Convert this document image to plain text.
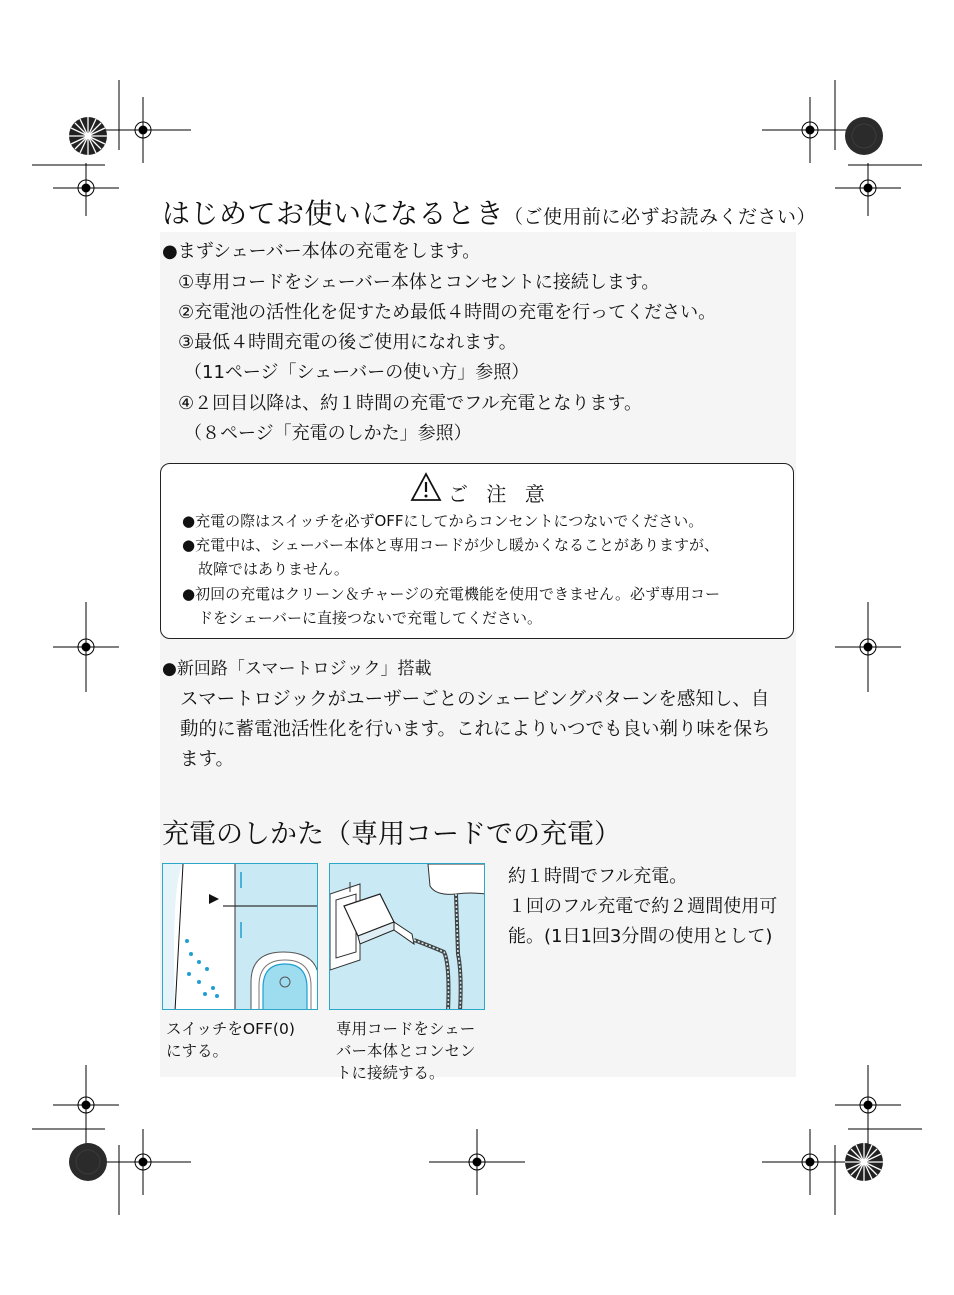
はじめてお使いになるとき（ご使用前に必ずお読みください）
●まずシェーバー本体の充電をします。
①専用コードをシェーバー本体とコンセントに接続します。
②充電池の活性化を促すため最低４時間の充電を行ってください。
③最低４時間充電の後ご使用になれます。
（11ページ「シェーバーの使い方」参照）
④２回目以降は、約１時間の充電でフル充電となります。
（８ページ「充電のしかた」参照）
ご 注 意
●充電の際はスイッチを必ずOFFにしてからコンセントにつないでください。
●充電中は、シェーバー本体と専用コードが少し暖かくなることがありますが、
故障ではありません。
●初回の充電はクリーン＆チャージの充電機能を使用できません。必ず専用コー
ドをシェーバーに直接つないで充電してください。
●新回路「スマートロジック」搭載
スマートロジックがユーザーごとのシェービングパターンを感知し、自
動的に蓄電池活性化を行います。これによりいつでも良い剃り味を保ち
ます。
充電のしかた（専用コードでの充電）
スイッチをOFF(0)
にする。
専用コードをシェー
バー本体とコンセン
トに接続する。
約１時間でフル充電。
１回のフル充電で約２週間使用可
能。(1日1回3分間の使用として)
